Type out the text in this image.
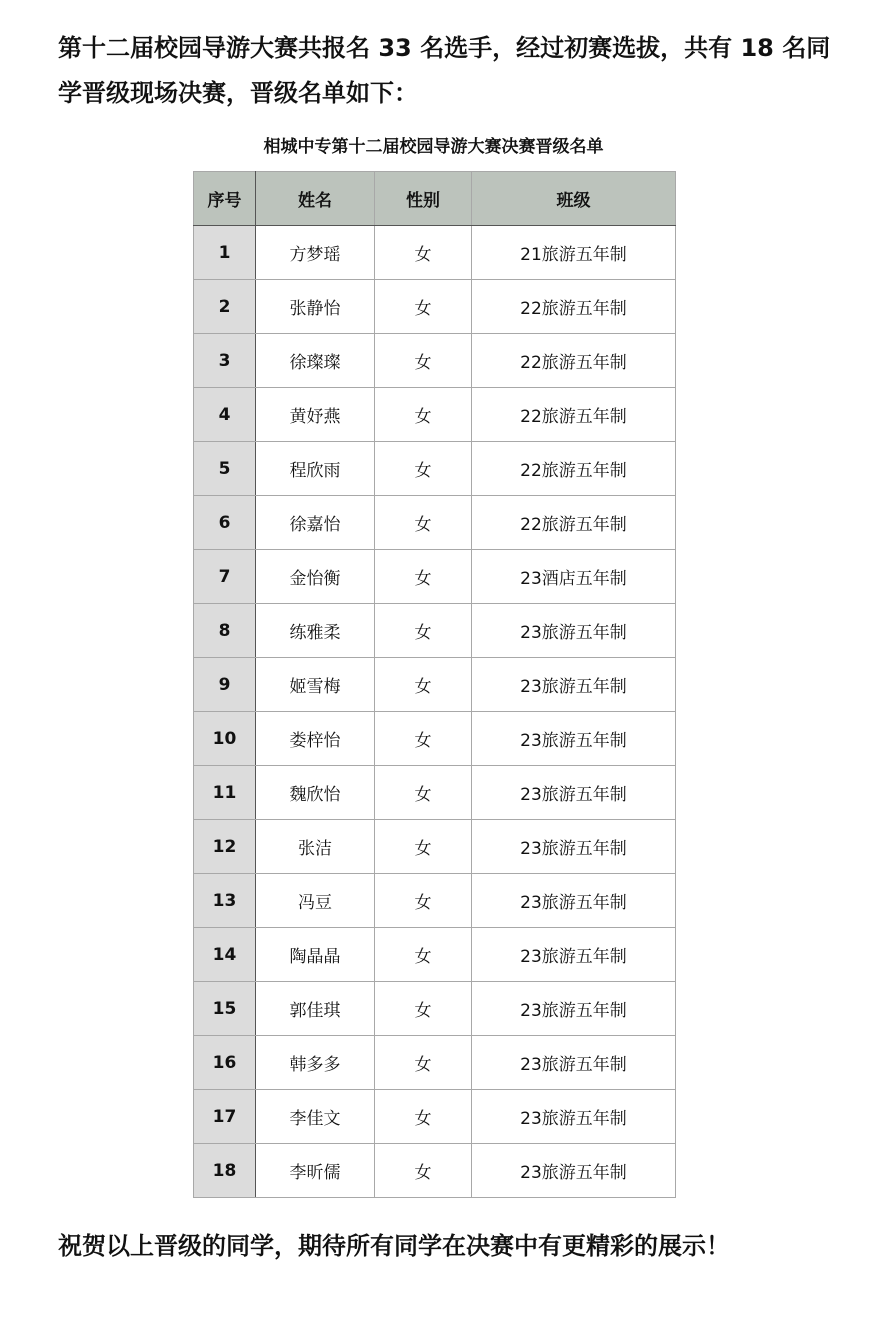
第十二届校园导游大赛共报名 33 名选手，经过初赛选拔，共有 18 名同学晋级现场决赛，晋级名单如下：

相城中专第十二届校园导游大赛决赛晋级名单

序号	姓名	性别	班级
1	方梦瑶	女	21旅游五年制
2	张静怡	女	22旅游五年制
3	徐璨璨	女	22旅游五年制
4	黄妤燕	女	22旅游五年制
5	程欣雨	女	22旅游五年制
6	徐嘉怡	女	22旅游五年制
7	金怡衡	女	23酒店五年制
8	练雅柔	女	23旅游五年制
9	姬雪梅	女	23旅游五年制
10	娄梓怡	女	23旅游五年制
11	魏欣怡	女	23旅游五年制
12	张洁	女	23旅游五年制
13	冯豆	女	23旅游五年制
14	陶晶晶	女	23旅游五年制
15	郭佳琪	女	23旅游五年制
16	韩多多	女	23旅游五年制
17	李佳文	女	23旅游五年制
18	李昕儒	女	23旅游五年制

祝贺以上晋级的同学，期待所有同学在决赛中有更精彩的展示！
